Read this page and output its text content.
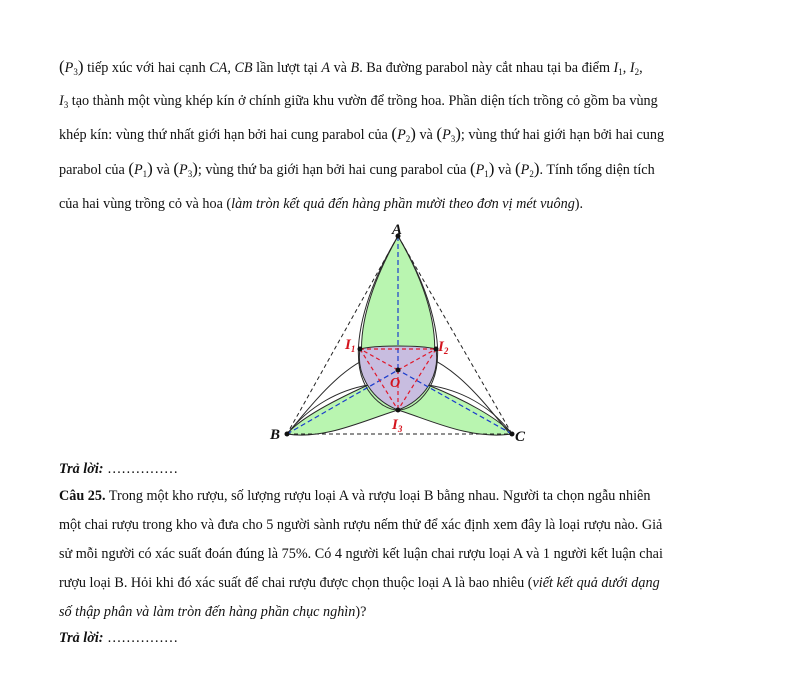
$(P_3)$ tiếp xúc với hai cạnh CA, CB lần lượt tại A và B. Ba đường parabol này cắt nhau tại ba điểm $I_1$, $I_2$,
$I_3$ tạo thành một vùng khép kín ở chính giữa khu vườn để trồng hoa. Phần diện tích trồng cỏ gồm ba vùng
khép kín: vùng thứ nhất giới hạn bởi hai cung parabol của $(P_2)$ và $(P_3)$; vùng thứ hai giới hạn bởi hai cung
parabol của $(P_1)$ và $(P_3)$; vùng thứ ba giới hạn bởi hai cung parabol của $(P_1)$ và $(P_2)$. Tính tổng diện tích
của hai vùng trồng cỏ và hoa (làm tròn kết quả đến hàng phần mười theo đơn vị mét vuông).
A
B	C
O
$I_1$	$I_2$
$I_3$
Trả lời: ……………
Câu 25. Trong một kho rượu, số lượng rượu loại A và rượu loại B bằng nhau. Người ta chọn ngẫu nhiên
một chai rượu trong kho và đưa cho 5 người sành rượu nếm thử để xác định xem đây là loại rượu nào. Giả
sử mỗi người có xác suất đoán đúng là 75%. Có 4 người kết luận chai rượu loại A và 1 người kết luận chai
rượu loại B. Hỏi khi đó xác suất để chai rượu được chọn thuộc loại A là bao nhiêu (viết kết quả dưới dạng
số thập phân và làm tròn đến hàng phần chục nghìn)?
Trả lời: ……………
